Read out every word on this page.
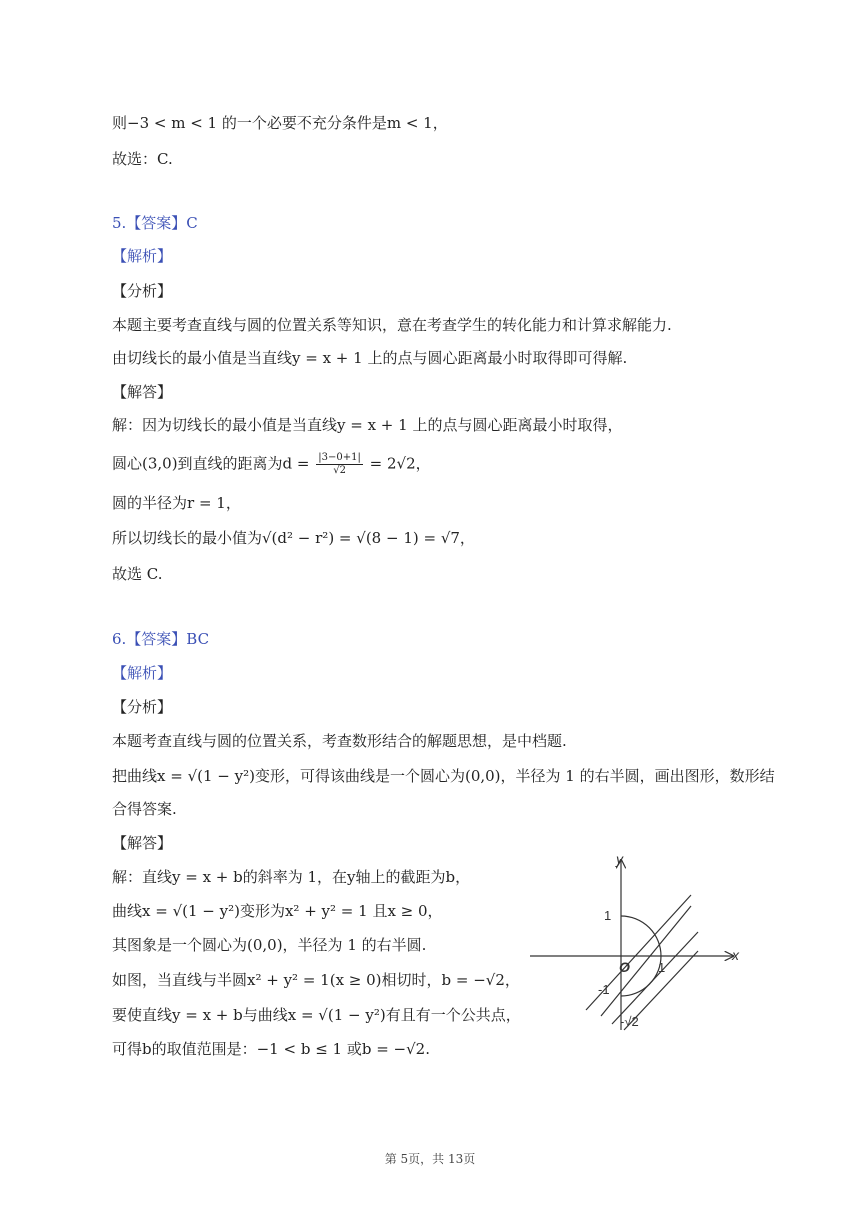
则−3 < m < 1 的一个必要不充分条件是m < 1，
故选：C.
5.【答案】C
【解析】
【分析】
本题主要考查直线与圆的位置关系等知识，意在考查学生的转化能力和计算求解能力.
由切线长的最小值是当直线y = x + 1 上的点与圆心距离最小时取得即可得解.
【解答】
解：因为切线长的最小值是当直线y = x + 1 上的点与圆心距离最小时取得，
圆心(3,0)到直线的距离为$d = \frac{|3-0+1|}{√2} = 2√2$，
圆的半径为r = 1，
所以切线长的最小值为√(d² − r²) = √(8 − 1) = √7，
故选 C.
6.【答案】BC
【解析】
【分析】
本题考查直线与圆的位置关系，考查数形结合的解题思想，是中档题.
把曲线x = √(1 − y²)变形，可得该曲线是一个圆心为(0,0)，半径为 1 的右半圆，画出图形，数形结
合得答案.
【解答】
解：直线y = x + b的斜率为 1，在y轴上的截距为b，
曲线x = √(1 − y²)变形为x² + y² = 1 且x ≥ 0，
其图象是一个圆心为(0,0)，半径为 1 的右半圆.
如图，当直线与半圆x² + y² = 1(x ≥ 0)相切时，b = −√2，
要使直线y = x + b与曲线x = √(1 − y²)有且有一个公共点，
可得b的取值范围是：−1 < b ≤ 1 或b = −√2.
x
y
O
1
-1
1
-√2
第 5页，共 13页
